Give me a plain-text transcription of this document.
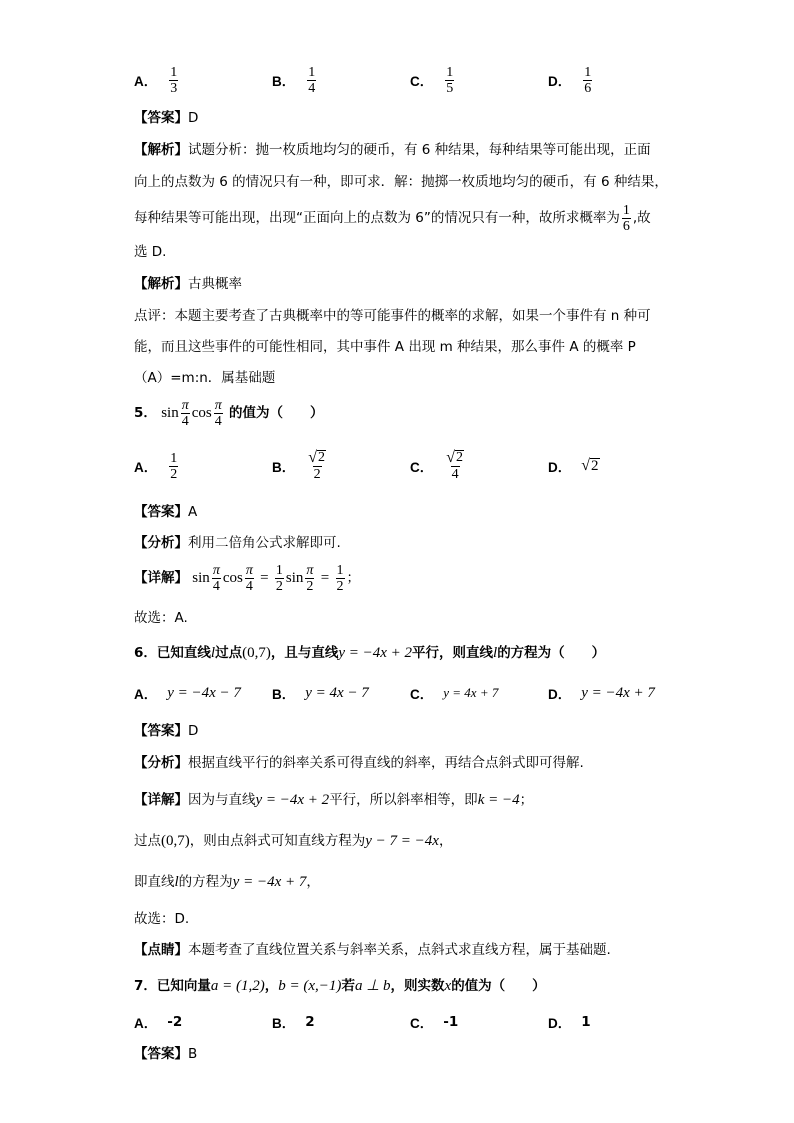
A． $\frac{1}{3}$	B． $\frac{1}{4}$	C． $\frac{1}{5}$	D． $\frac{1}{6}$
【答案】D
【解析】试题分析：抛一枚质地均匀的硬币，有 6 种结果，每种结果等可能出现，正面
向上的点数为 6 的情况只有一种，即可求．解：抛掷一枚质地均匀的硬币，有 6 种结果，
每种结果等可能出现，出现“正面向上的点数为 6”的情况只有一种，故所求概率为 $\frac{1}{6}$ ,故
选 D.
【解析】古典概率
点评：本题主要考查了古典概率中的等可能事件的概率的求解，如果一个事件有 n 种可
能，而且这些事件的可能性相同，其中事件 A 出现 m 种结果，那么事件 A 的概率 P
（A）=m:n．属基础题
5． $\sin \frac{\pi}{4}$ $\cos \frac{\pi}{4}$ 的值为（　　）
A． $\frac{1}{2}$	B． $\frac{√ 2}{2}$	C． $\frac{√ 2}{4}$	D． √ 2
【答案】A
【分析】利用二倍角公式求解即可.
【详解】 $\sin \frac{\pi}{4}$ $\cos \frac{\pi}{4} = \frac{1}{2}$ $\sin \frac{\pi}{2} = \frac{1}{2}$ ；
故选：A.
6．已知直线l过点(0,7)，且与直线y = −4x + 2平行，则直线l的方程为（　　）
A． y = −4x − 7 B． y = 4x − 7	C． y = 4x + 7	D． y = −4x + 7
【答案】D
【分析】根据直线平行的斜率关系可得直线的斜率，再结合点斜式即可得解.
【详解】因为与直线y = −4x + 2平行，所以斜率相等，即k = −4；
过点(0,7)，则由点斜式可知直线方程为y − 7 = −4x，
即直线l的方程为y = −4x + 7，
故选：D.
【点睛】本题考查了直线位置关系与斜率关系，点斜式求直线方程，属于基础题.
7．已知向量a = (1,2)，b = (x,−1)若a ⊥ b，则实数x的值为（　　）
A． -2	B． 2	C． -1	D． 1
【答案】B
